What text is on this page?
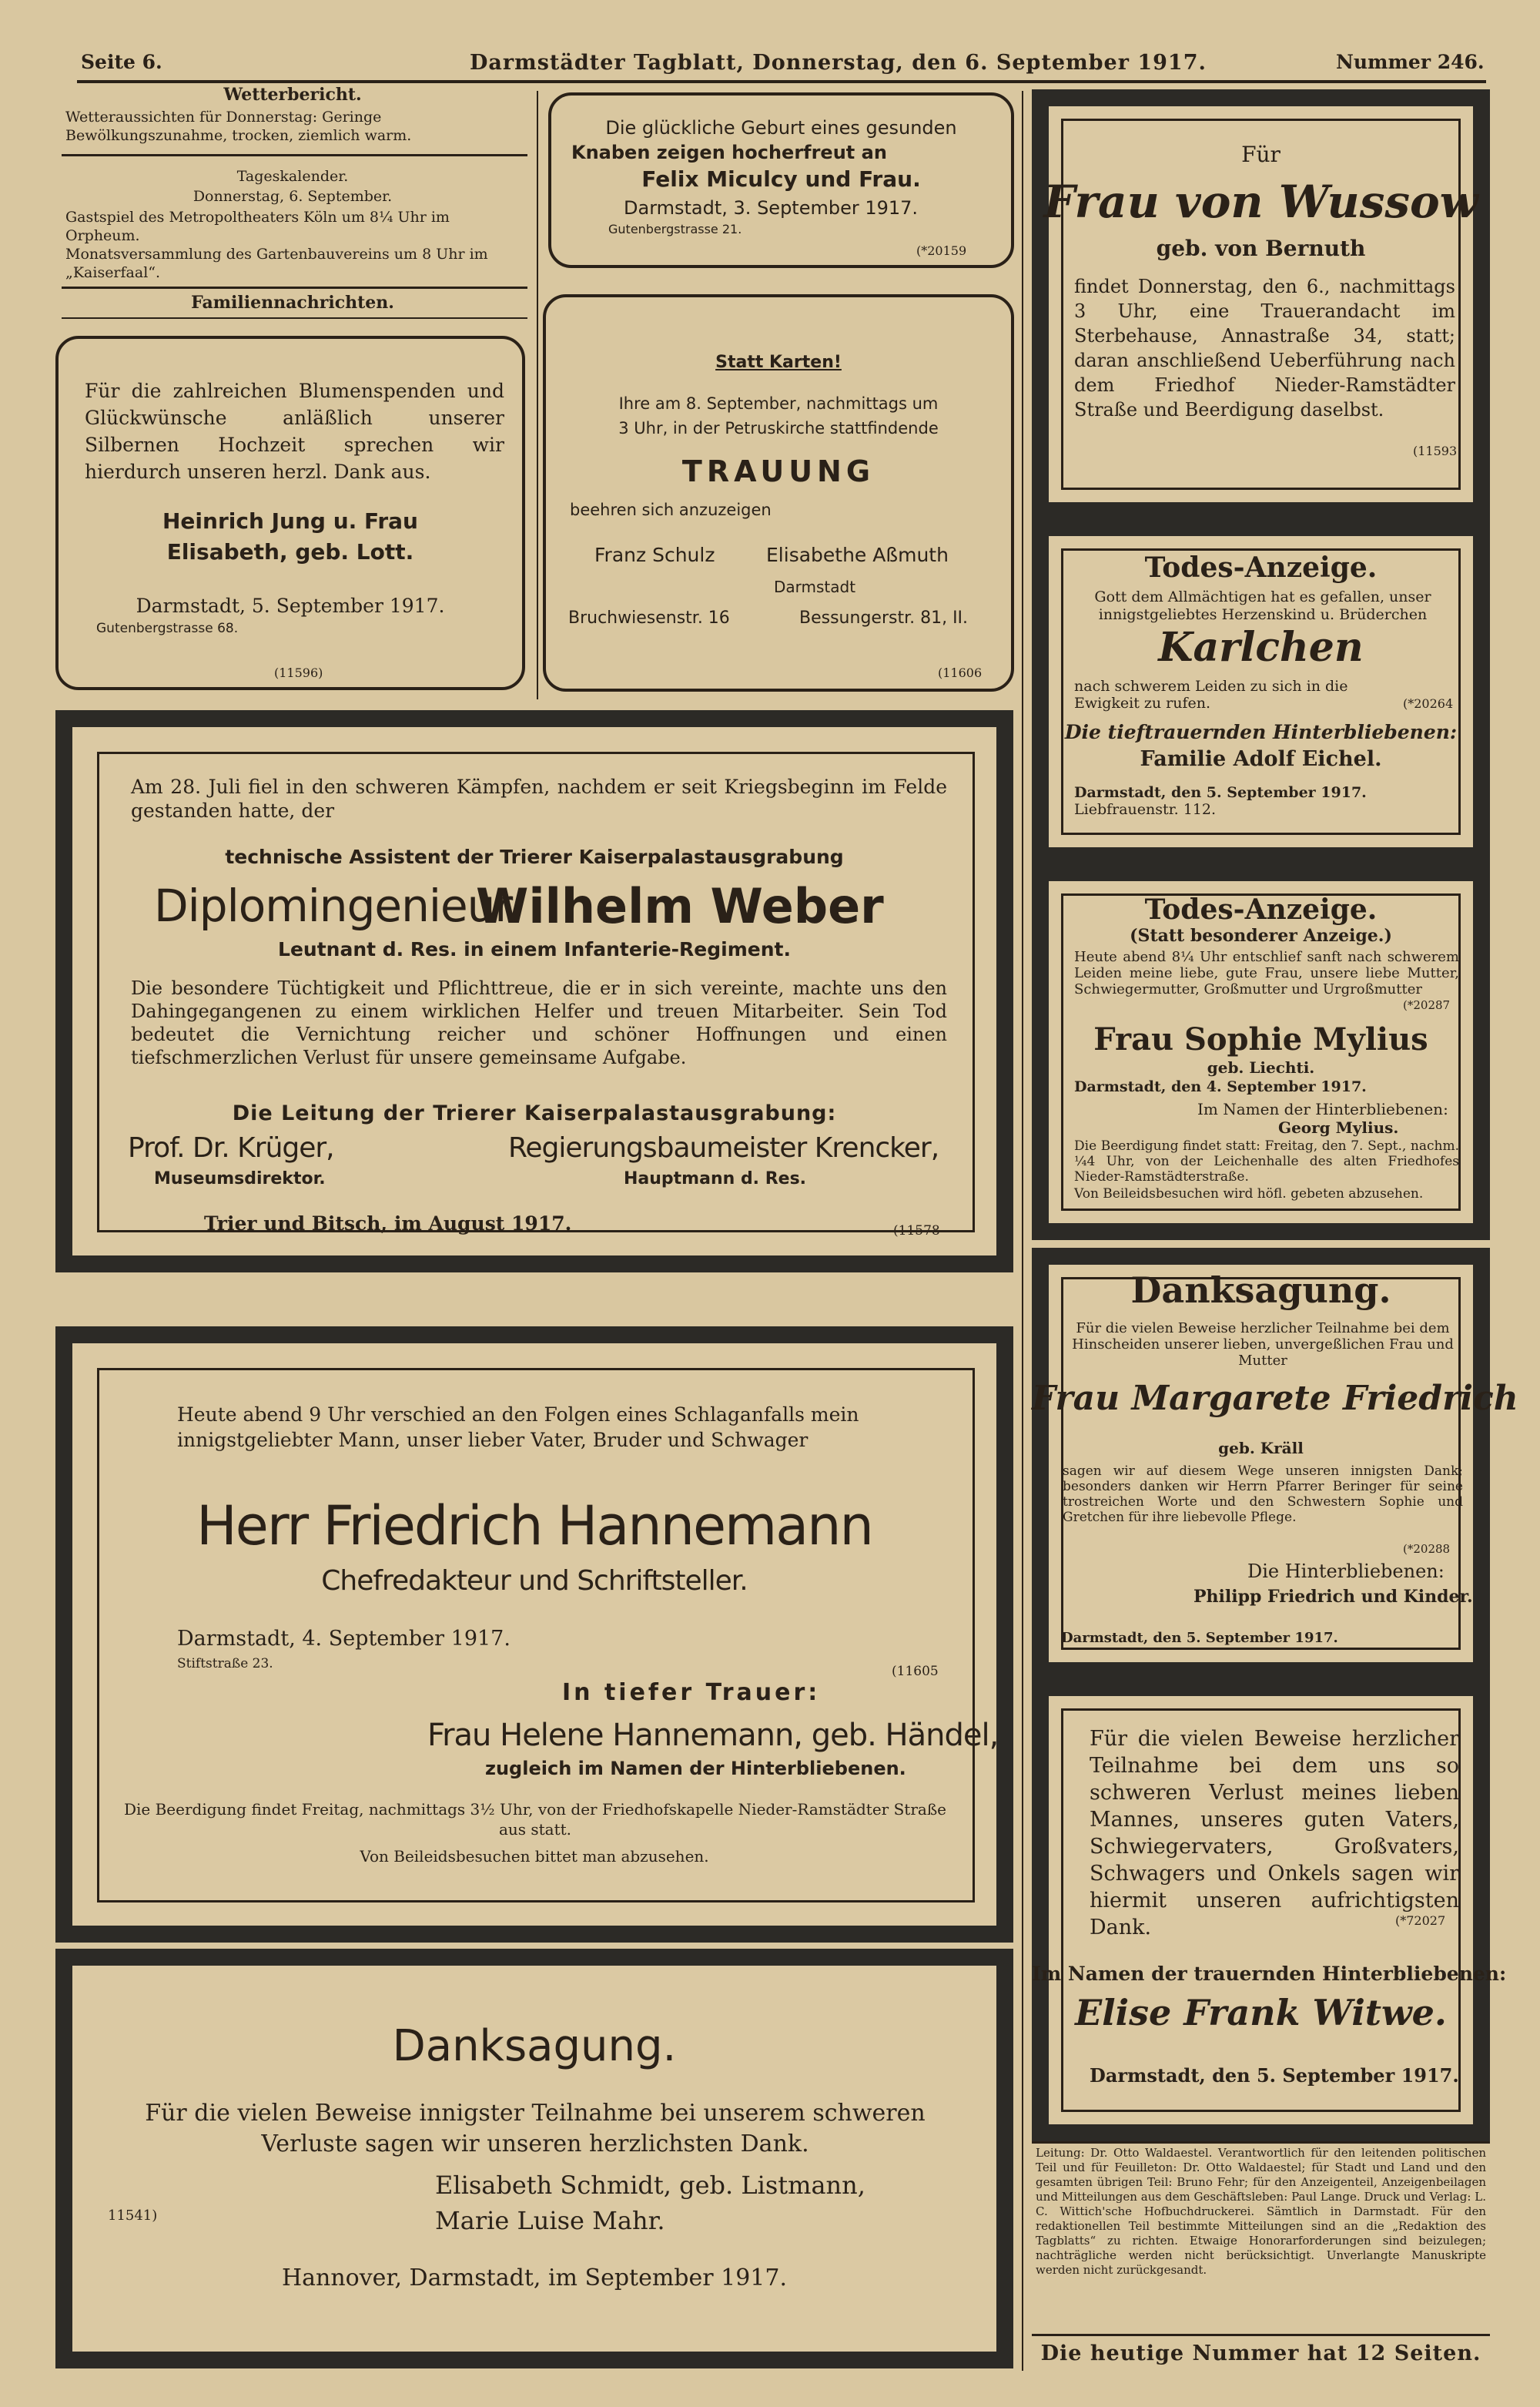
Seite 6.	Darmstädter Tagblatt, Donnerstag, den 6. September 1917.	Nummer 246.
Wetterbericht.
Wetteraussichten für Donnerstag: Geringe Bewölkungszunahme, trocken, ziemlich warm.
Tageskalender.
Donnerstag, 6. September.
Gastspiel des Metropoltheaters Köln um 8¼ Uhr im Orpheum.
Monatsversammlung des Gartenbauvereins um 8 Uhr im „Kaiserfaal“.
Familiennachrichten.
Für die zahlreichen Blumenspenden und Glückwünsche anläßlich unserer Silbernen Hochzeit sprechen wir hierdurch unseren herzl. Dank aus.
Heinrich Jung u. Frau
Elisabeth, geb. Lott.
Darmstadt, 5. September 1917.
Gutenbergstrasse 68.
(11596)
Die glückliche Geburt eines gesunden
Knaben zeigen hocherfreut an
Felix Miculcy und Frau.
Darmstadt, 3. September 1917.
Gutenbergstrasse 21.
(*20159
Statt Karten!
Ihre am 8. September, nachmittags um
3 Uhr, in der Petruskirche stattfindende
TRAUUNG
beehren sich anzuzeigen
Franz Schulz	Elisabethe Aßmuth
Darmstadt
Bruchwiesenstr. 16	Bessungerstr. 81, II.
(11606
Am 28. Juli fiel in den schweren Kämpfen, nachdem er seit Kriegsbeginn im Felde gestanden hatte, der
technische Assistent der Trierer Kaiserpalastausgrabung
Diplomingenieur
Wilhelm Weber
Leutnant d. Res. in einem Infanterie-Regiment.
Die besondere Tüchtigkeit und Pflichttreue, die er in sich vereinte, machte uns den Dahingegangenen zu einem wirklichen Helfer und treuen Mitarbeiter. Sein Tod bedeutet die Vernichtung reicher und schöner Hoffnungen und einen tiefschmerzlichen Verlust für unsere gemeinsame Aufgabe.
Die Leitung der Trierer Kaiserpalastausgrabung:
Prof. Dr. Krüger,
Museumsdirektor.
Regierungsbaumeister Krencker,
Hauptmann d. Res.
Trier und Bitsch, im August 1917.	(11578
Heute abend 9 Uhr verschied an den Folgen eines Schlaganfalls mein innigstgeliebter Mann, unser lieber Vater, Bruder und Schwager
Herr Friedrich Hannemann
Chefredakteur und Schriftsteller.
Darmstadt, 4. September 1917.
Stiftstraße 23.	(11605
In tiefer Trauer:
Frau Helene Hannemann, geb. Händel,
zugleich im Namen der Hinterbliebenen.
Die Beerdigung findet Freitag, nachmittags 3½ Uhr, von der Friedhofskapelle Nieder-Ramstädter Straße aus statt.
Von Beileidsbesuchen bittet man abzusehen.
Danksagung.
Für die vielen Beweise innigster Teilnahme bei unserem schweren Verluste sagen wir unseren herzlichsten Dank.
Elisabeth Schmidt, geb. Listmann,
Marie Luise Mahr.
11541)
Hannover, Darmstadt, im September 1917.
Für
Frau von Wussow
geb. von Bernuth
findet Donnerstag, den 6., nachmittags 3 Uhr, eine Trauerandacht im Sterbehause, Annastraße 34, statt; daran anschließend Ueberführung nach dem Friedhof Nieder-Ramstädter Straße und Beerdigung daselbst.
(11593
Todes-Anzeige.
Gott dem Allmächtigen hat es gefallen, unser innigstgeliebtes Herzenskind u. Brüderchen
Karlchen
nach schwerem Leiden zu sich in die Ewigkeit zu rufen.	(*20264
Die tieftrauernden Hinterbliebenen:
Familie Adolf Eichel.
Darmstadt, den 5. September 1917.
Liebfrauenstr. 112.
Todes-Anzeige.
(Statt besonderer Anzeige.)
Heute abend 8¼ Uhr entschlief sanft nach schwerem Leiden meine liebe, gute Frau, unsere liebe Mutter, Schwiegermutter, Großmutter und Urgroßmutter
(*20287
Frau Sophie Mylius
geb. Liechti.
Darmstadt, den 4. September 1917.
Im Namen der Hinterbliebenen:
Georg Mylius.
Die Beerdigung findet statt: Freitag, den 7. Sept., nachm. ¼4 Uhr, von der Leichenhalle des alten Friedhofes Nieder-Ramstädterstraße.
Von Beileidsbesuchen wird höfl. gebeten abzusehen.
Danksagung.
Für die vielen Beweise herzlicher Teilnahme bei dem Hinscheiden unserer lieben, unvergeßlichen Frau und Mutter
Frau Margarete Friedrich
geb. Kräll
sagen wir auf diesem Wege unseren innigsten Dank; besonders danken wir Herrn Pfarrer Beringer für seine trostreichen Worte und den Schwestern Sophie und Gretchen für ihre liebevolle Pflege.
(*20288
Die Hinterbliebenen:
Philipp Friedrich und Kinder.
Darmstadt, den 5. September 1917.
Für die vielen Beweise herzlicher Teilnahme bei dem uns so schweren Verlust meines lieben Mannes, unseres guten Vaters, Schwiegervaters, Großvaters, Schwagers und Onkels sagen wir hiermit unseren aufrichtigsten Dank.	(*72027
Im Namen der trauernden Hinterbliebenen:
Elise Frank Witwe.
Darmstadt, den 5. September 1917.
Leitung: Dr. Otto Waldaestel. Verantwortlich für den leitenden politischen Teil und für Feuilleton: Dr. Otto Waldaestel; für Stadt und Land und den gesamten übrigen Teil: Bruno Fehr; für den Anzeigenteil, Anzeigenbeilagen und Mitteilungen aus dem Geschäftsleben: Paul Lange. Druck und Verlag: L. C. Wittich'sche Hofbuchdruckerei. Sämtlich in Darmstadt. Für den redaktionellen Teil bestimmte Mitteilungen sind an die „Redaktion des Tagblatts“ zu richten. Etwaige Honorarforderungen sind beizulegen; nachträgliche werden nicht berücksichtigt. Unverlangte Manuskripte werden nicht zurückgesandt.
Die heutige Nummer hat 12 Seiten.
